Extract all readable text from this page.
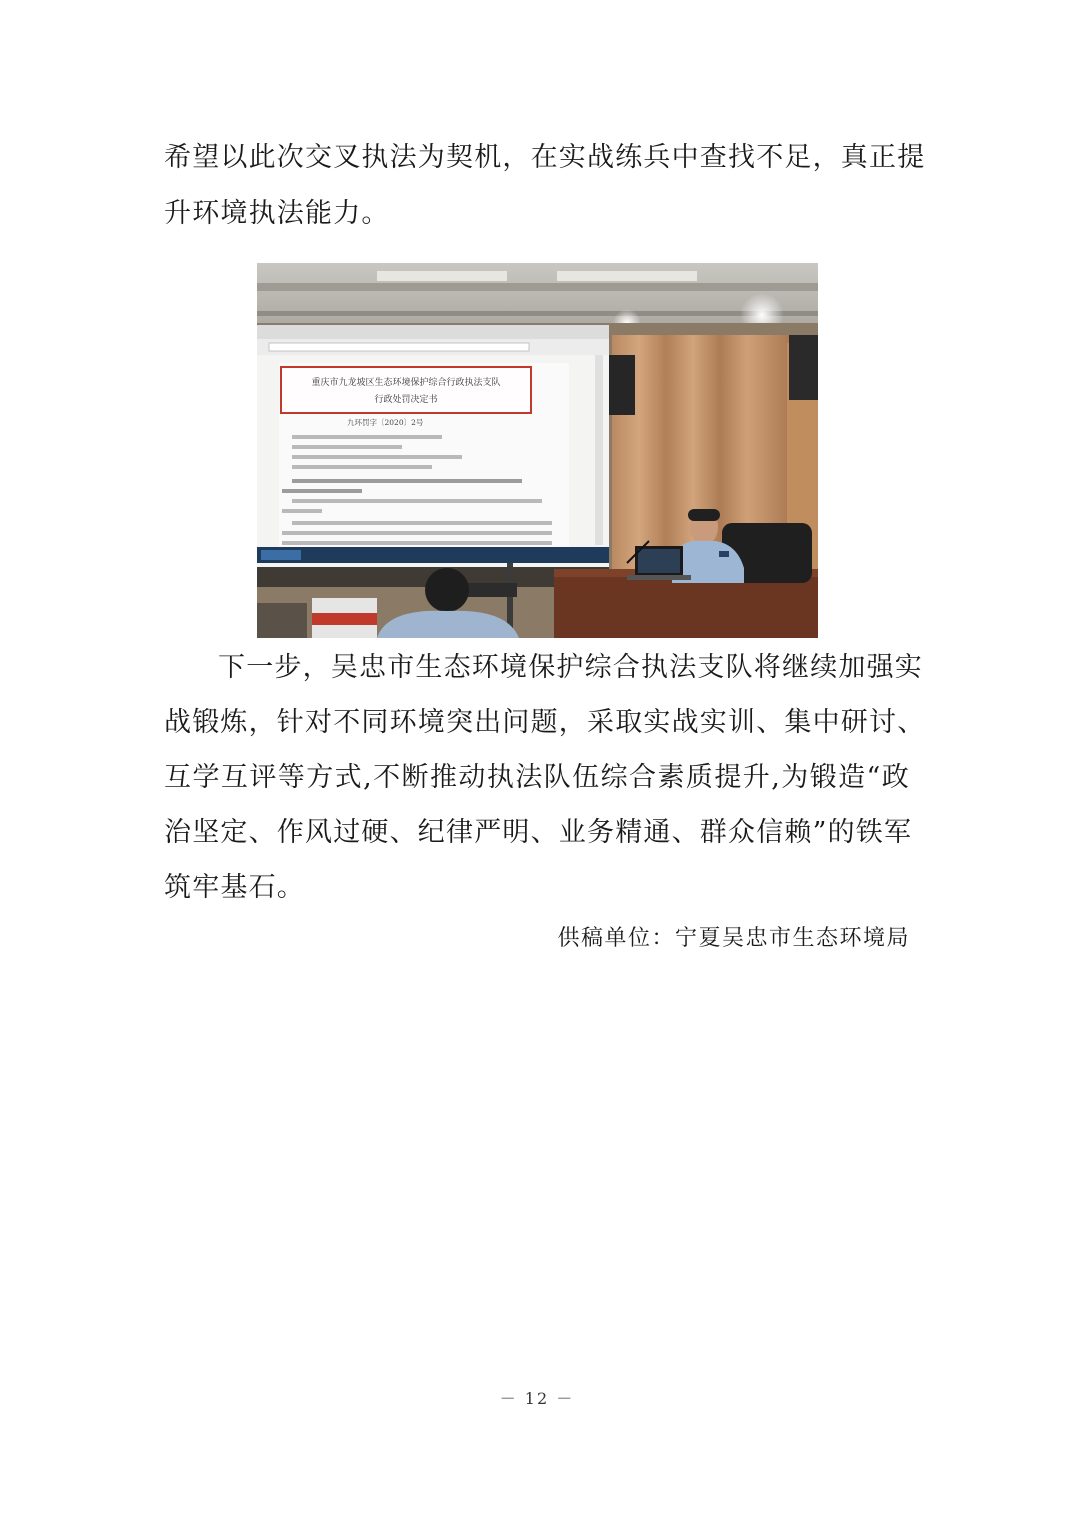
希望以此次交叉执法为契机，在实战练兵中查找不足，真正提
升环境执法能力。
重庆市九龙坡区生态环境保护综合行政执法支队
行政处罚决定书
九环罚字〔2020〕2号
下一步，吴忠市生态环境保护综合执法支队将继续加强实
战锻炼，针对不同环境突出问题，采取实战实训、集中研讨、
互学互评等方式,不断推动执法队伍综合素质提升,为锻造“政
治坚定、作风过硬、纪律严明、业务精通、群众信赖”的铁军
筑牢基石。
供稿单位：宁夏吴忠市生态环境局
－ 12 －
